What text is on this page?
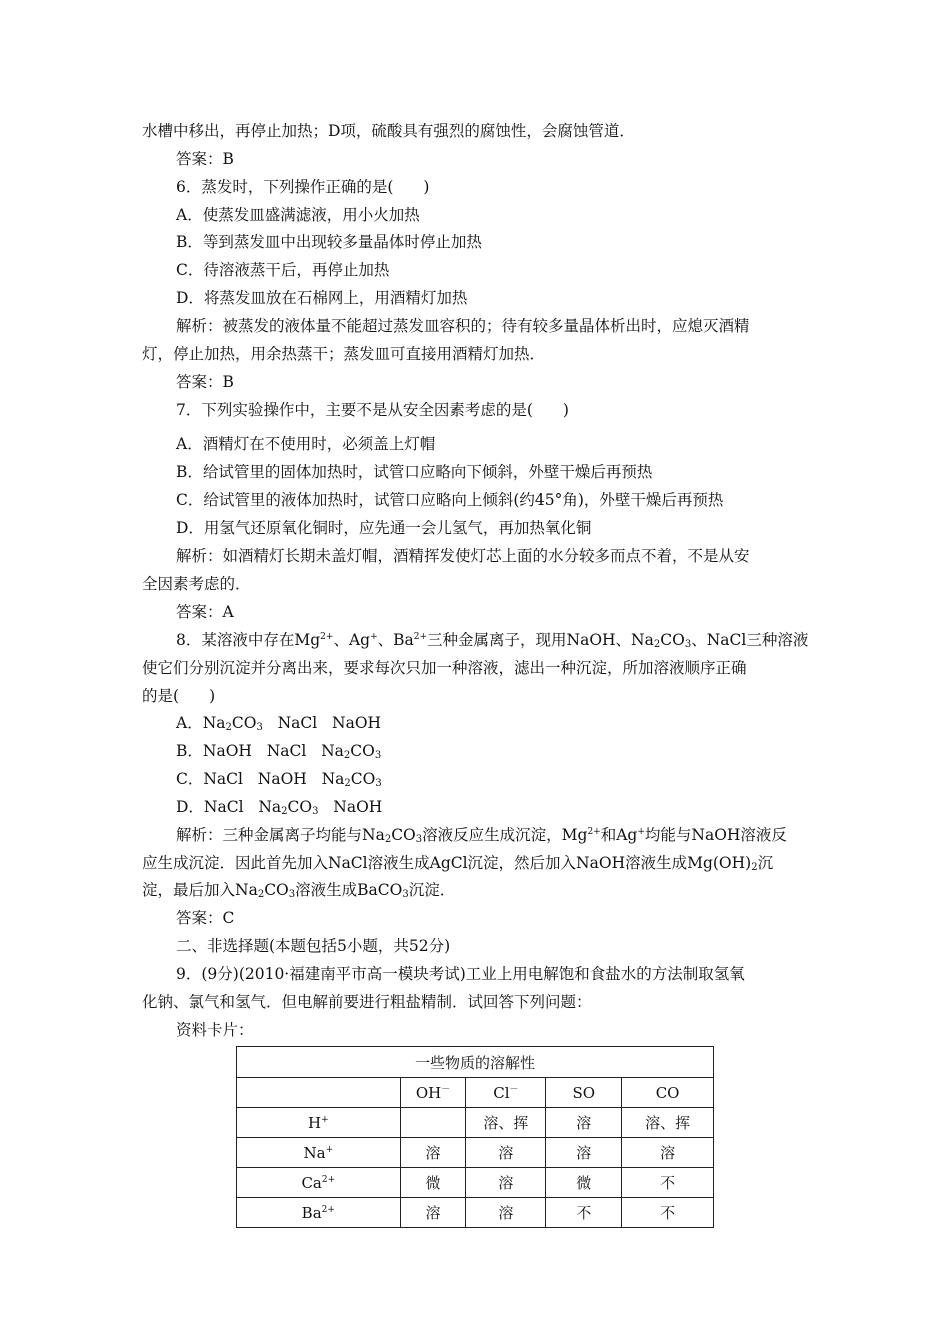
水槽中移出，再停止加热；D项，硫酸具有强烈的腐蚀性，会腐蚀管道．
答案：B
6．蒸发时，下列操作正确的是( )
A．使蒸发皿盛满滤液，用小火加热
B．等到蒸发皿中出现较多量晶体时停止加热
C．待溶液蒸干后，再停止加热
D．将蒸发皿放在石棉网上，用酒精灯加热
解析：被蒸发的液体量不能超过蒸发皿容积的；待有较多量晶体析出时，应熄灭酒精
灯，停止加热，用余热蒸干；蒸发皿可直接用酒精灯加热．
答案：B
7．下列实验操作中，主要不是从安全因素考虑的是( )
A．酒精灯在不使用时，必须盖上灯帽
B．给试管里的固体加热时，试管口应略向下倾斜，外壁干燥后再预热
C．给试管里的液体加热时，试管口应略向上倾斜(约45°角)，外壁干燥后再预热
D．用氢气还原氧化铜时，应先通一会儿氢气，再加热氧化铜
解析：如酒精灯长期未盖灯帽，酒精挥发使灯芯上面的水分较多而点不着，不是从安
全因素考虑的．
答案：A
8．某溶液中存在$Mg^{2+}$、Ag+、$Ba^{2+}$三种金属离子，现用NaOH、$Na_2CO_3$、NaCl三种溶液
使它们分别沉淀并分离出来，要求每次只加一种溶液，滤出一种沉淀，所加溶液顺序正确
的是( )
A．$Na_2CO_3$ NaCl NaOH
B．NaOH NaCl $Na_2CO_3$
C．NaCl NaOH $Na_2CO_3$
D．NaCl $Na_2CO_3$ NaOH
解析：三种金属离子均能与$Na_2CO_3$溶液反应生成沉淀，$Mg^{2+}$和Ag+均能与NaOH溶液反
应生成沉淀．因此首先加入NaCl溶液生成AgCl沉淀，然后加入NaOH溶液生成$Mg(OH)_2$沉
淀，最后加入$Na_2CO_3$溶液生成BaCO$_3$沉淀．
答案：C
二、非选择题(本题包括5小题，共52分)
9．(9分)(2010·福建南平市高一模块考试)工业上用电解饱和食盐水的方法制取氢氧
化钠、氯气和氢气．但电解前要进行粗盐精制．试回答下列问题：
资料卡片：
一些物质的溶解性				
	OH－	Cl－	SO	CO
H+		溶、挥	溶	溶、挥
Na+	溶	溶	溶	溶
$Ca^{2+}$	微	溶	微	不
$Ba^{2+}$	溶	溶	不	不
